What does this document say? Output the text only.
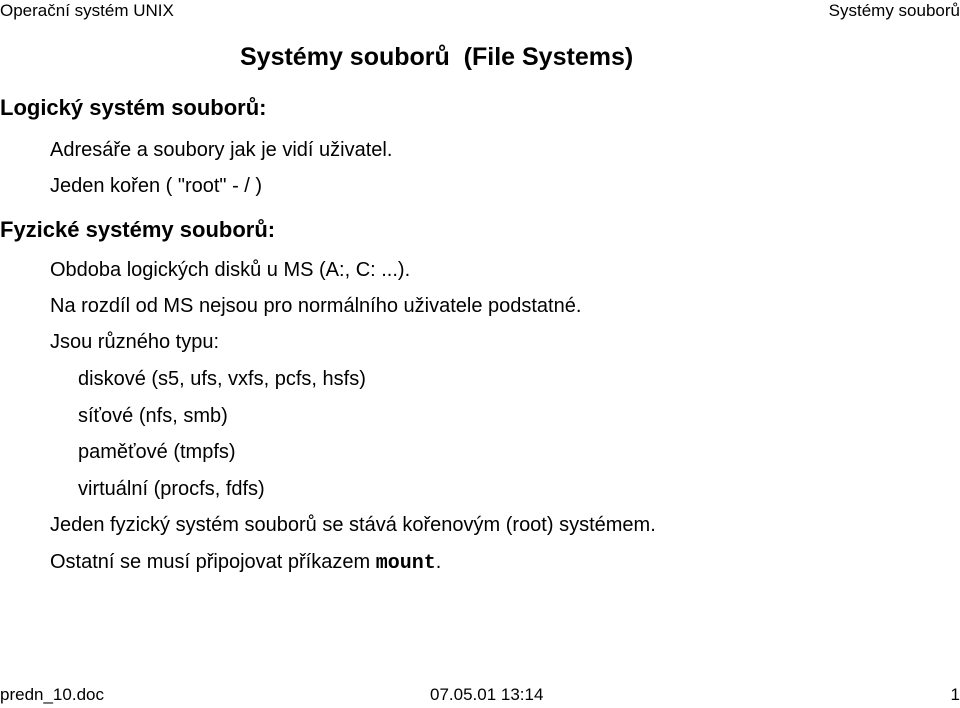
Operační systém UNIX	Systémy souborů
Systémy souborů  (File Systems)
Logický systém souborů:
Adresáře a soubory jak je vidí uživatel.
Jeden kořen ( "root" - / )
Fyzické systémy souborů:
Obdoba logických disků u MS (A:, C: ...).
Na rozdíl od MS nejsou pro normálního uživatele podstatné.
Jsou různého typu:
diskové (s5, ufs, vxfs, pcfs, hsfs)
síťové (nfs, smb)
paměťové (tmpfs)
virtuální (procfs, fdfs)
Jeden fyzický systém souborů se stává kořenovým (root) systémem.
Ostatní se musí připojovat příkazem mount.
predn_10.doc	07.05.01 13:14	1
